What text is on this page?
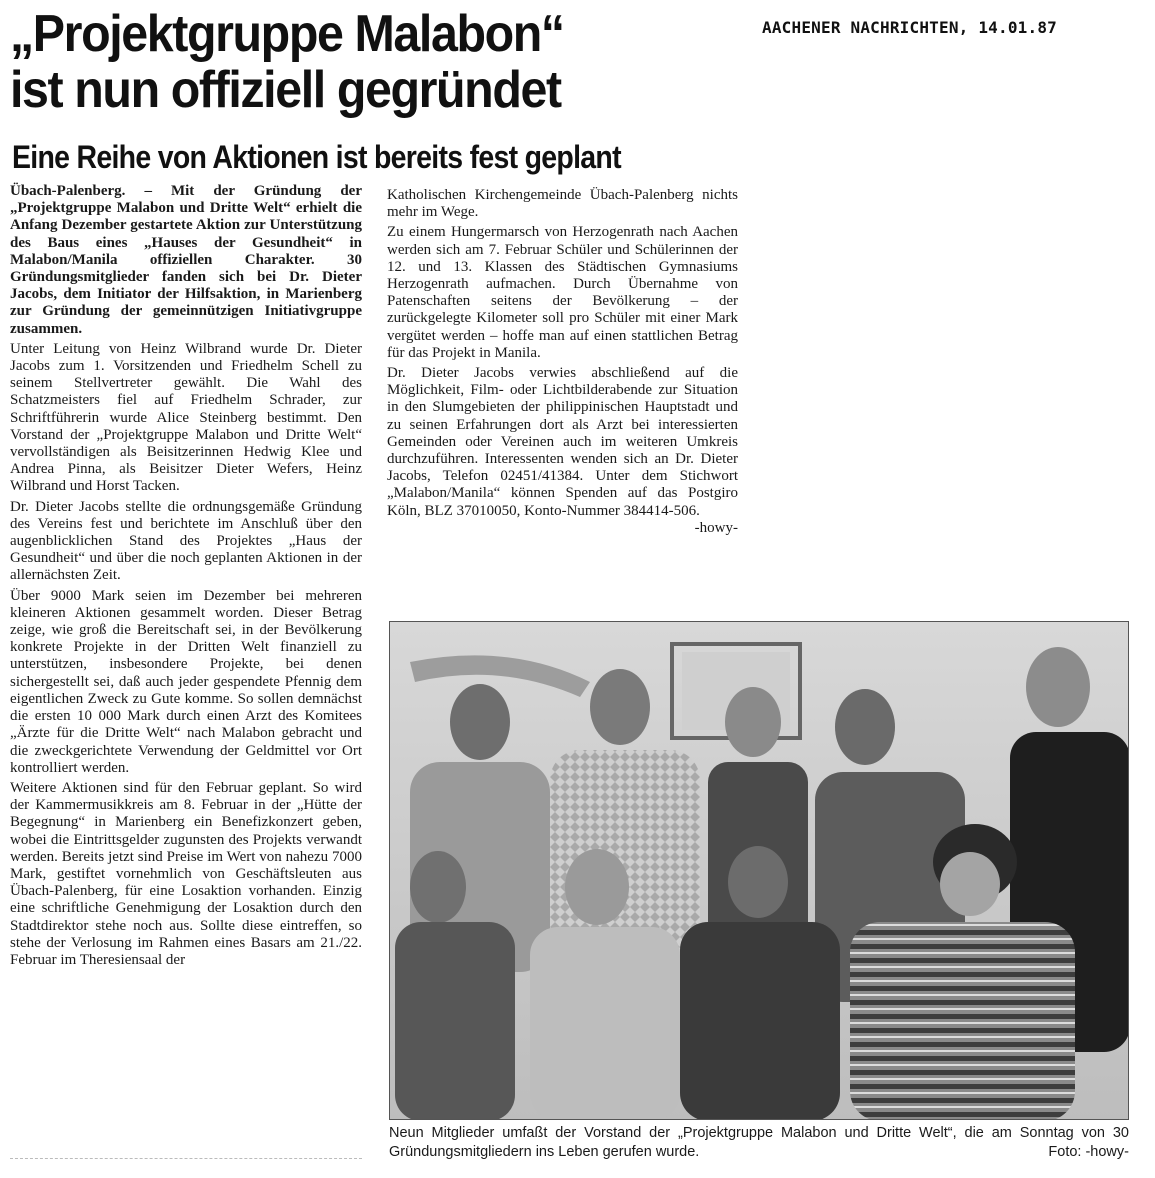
AACHENER NACHRICHTEN, 14.01.87
„Projektgruppe Malabon“
ist nun offiziell gegründet
Eine Reihe von Aktionen ist bereits fest geplant

Übach-Palenberg. – Mit der Gründung der „Projektgruppe Malabon und Dritte Welt“ erhielt die Anfang Dezember gestartete Aktion zur Unterstützung des Baus eines „Hauses der Gesundheit“ in Malabon/Manila offiziellen Charakter. 30 Gründungsmitglieder fanden sich bei Dr. Dieter Jacobs, dem Initiator der Hilfsaktion, in Marienberg zur Gründung der gemeinnützigen Initiativgruppe zusammen.

Unter Leitung von Heinz Wilbrand wurde Dr. Dieter Jacobs zum 1. Vorsitzenden und Friedhelm Schell zu seinem Stellvertreter gewählt. Die Wahl des Schatzmeisters fiel auf Friedhelm Schrader, zur Schriftführerin wurde Alice Steinberg bestimmt. Den Vorstand der „Projektgruppe Malabon und Dritte Welt“ vervollständigen als Beisitzerinnen Hedwig Klee und Andrea Pinna, als Beisitzer Dieter Wefers, Heinz Wilbrand und Horst Tacken.

Dr. Dieter Jacobs stellte die ordnungsgemäße Gründung des Vereins fest und berichtete im Anschluß über den augenblicklichen Stand des Projektes „Haus der Gesundheit“ und über die noch geplanten Aktionen in der allernächsten Zeit.

Über 9000 Mark seien im Dezember bei mehreren kleineren Aktionen gesammelt worden. Dieser Betrag zeige, wie groß die Bereitschaft sei, in der Bevölkerung konkrete Projekte in der Dritten Welt finanziell zu unterstützen, insbesondere Projekte, bei denen sichergestellt sei, daß auch jeder gespendete Pfennig dem eigentlichen Zweck zu Gute komme. So sollen demnächst die ersten 10 000 Mark durch einen Arzt des Komitees „Ärzte für die Dritte Welt“ nach Malabon gebracht und die zweckgerichtete Verwendung der Geldmittel vor Ort kontrolliert werden.

Weitere Aktionen sind für den Februar geplant. So wird der Kammermusikkreis am 8. Februar in der „Hütte der Begegnung“ in Marienberg ein Benefizkonzert geben, wobei die Eintrittsgelder zugunsten des Projekts verwandt werden. Bereits jetzt sind Preise im Wert von nahezu 7000 Mark, gestiftet vornehmlich von Geschäftsleuten aus Übach-Palenberg, für eine Losaktion vorhanden. Einzig eine schriftliche Genehmigung der Losaktion durch den Stadtdirektor stehe noch aus. Sollte diese eintreffen, so stehe der Verlosung im Rahmen eines Basars am 21./22. Februar im Theresiensaal der

Katholischen Kirchengemeinde Übach-Palenberg nichts mehr im Wege.

Zu einem Hungermarsch von Herzogenrath nach Aachen werden sich am 7. Februar Schüler und Schülerinnen der 12. und 13. Klassen des Städtischen Gymnasiums Herzogenrath aufmachen. Durch Übernahme von Patenschaften seitens der Bevölkerung – der zurückgelegte Kilometer soll pro Schüler mit einer Mark vergütet werden – hoffe man auf einen stattlichen Betrag für das Projekt in Manila.

Dr. Dieter Jacobs verwies abschließend auf die Möglichkeit, Film- oder Lichtbilderabende zur Situation in den Slumgebieten der philippinischen Hauptstadt und zu seinen Erfahrungen dort als Arzt bei interessierten Gemeinden oder Vereinen auch im weiteren Umkreis durchzuführen. Interessenten wenden sich an Dr. Dieter Jacobs, Telefon 02451/41384. Unter dem Stichwort „Malabon/Manila“ können Spenden auf das Postgiro Köln, BLZ 37010050, Konto-Nummer 384414-506.
-howy-

Neun Mitglieder umfaßt der Vorstand der „Projektgruppe Malabon und Dritte Welt“, die am Sonntag von 30 Gründungsmitgliedern ins Leben gerufen wurde.	Foto: -howy-
